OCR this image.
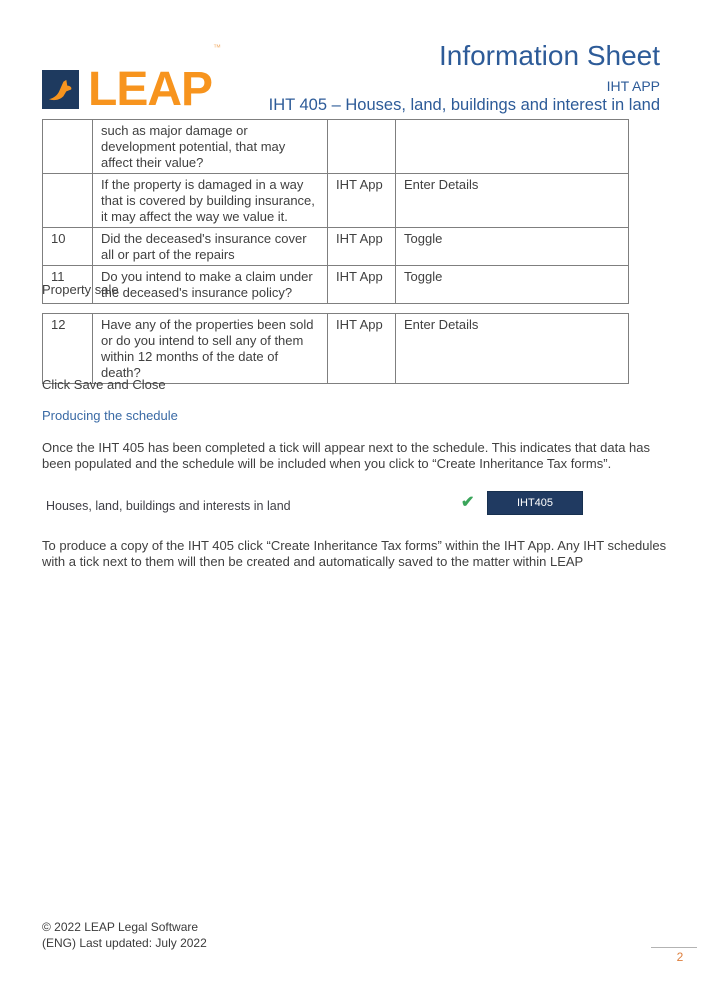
LEAP™	Information Sheet
IHT APP
IHT 405 – Houses, land, buildings and interest in land
	such as major damage or development potential, that may affect their value?		
	If the property is damaged in a way that is covered by building insurance, it may affect the way we value it.	IHT App	Enter Details
10	Did the deceased's insurance cover all or part of the repairs	IHT App	Toggle
11	Do you intend to make a claim under the deceased's insurance policy?	IHT App	Toggle
Property sale
12	Have any of the properties been sold or do you intend to sell any of them within 12 months of the date of death?	IHT App	Enter Details
Click Save and Close
Producing the schedule
Once the IHT 405 has been completed a tick will appear next to the schedule. This indicates that data has been populated and the schedule will be included when you click to “Create Inheritance Tax forms”.
Houses, land, buildings and interests in land	✔	IHT405
To produce a copy of the IHT 405 click “Create Inheritance Tax forms” within the IHT App. Any IHT schedules with a tick next to them will then be created and automatically saved to the matter within LEAP
© 2022 LEAP Legal Software
(ENG) Last updated: July 2022
2
